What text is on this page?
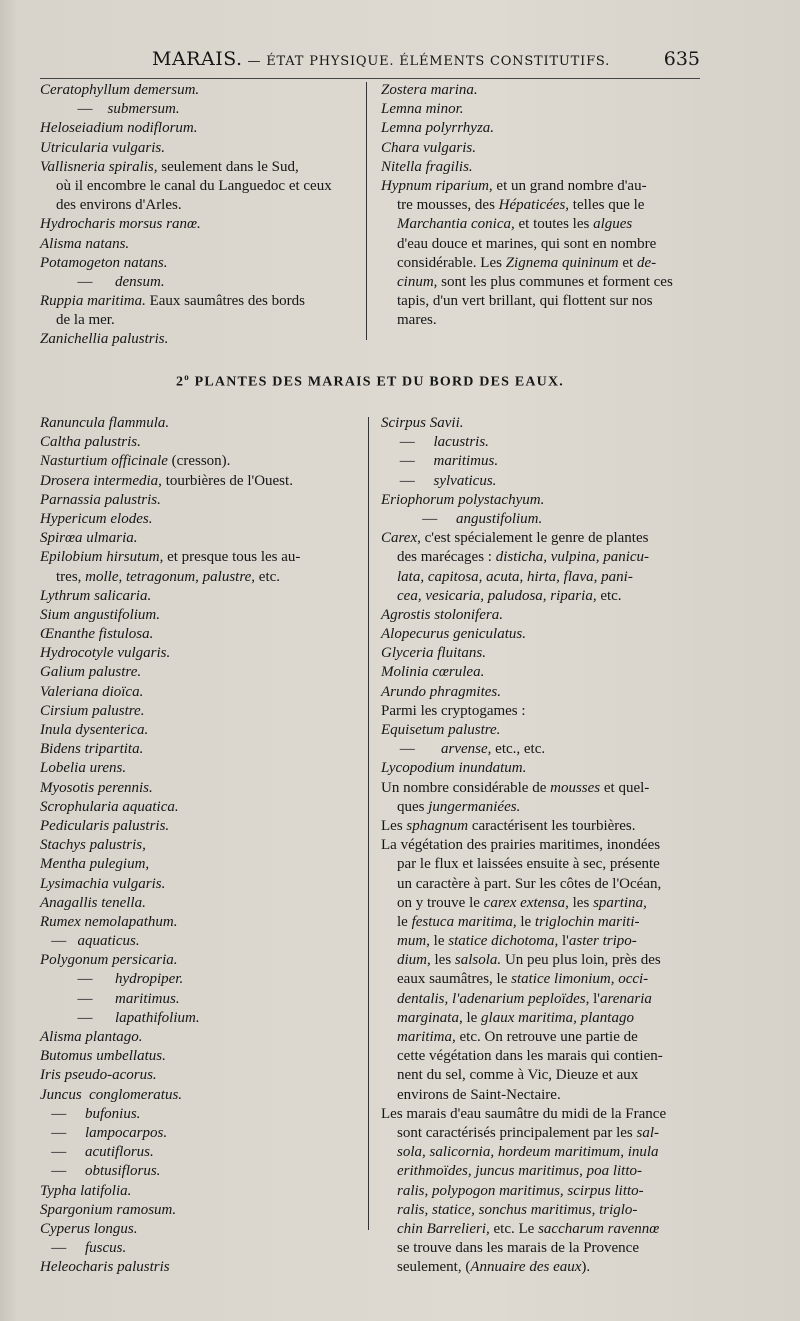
MARAIS. — ÉTAT PHYSIQUE. ÉLÉMENTS CONSTITUTIFS.	635
Ceratophyllum demersum.
—    submersum.
Heloseiadium nodiflorum.
Utricularia vulgaris.
Vallisneria spiralis, seulement dans le Sud,
où il encombre le canal du Languedoc et ceux
des environs d'Arles.
Hydrocharis morsus ranœ.
Alisma natans.
Potamogeton natans.
—      densum.
Ruppia maritima. Eaux saumâtres des bords
de la mer.
Zanichellia palustris.
Zostera marina.
Lemna minor.
Lemna polyrrhyza.
Chara vulgaris.
Nitella fragilis.
Hypnum riparium, et un grand nombre d'au-
tre mousses, des Hépaticées, telles que le
Marchantia conica, et toutes les algues
d'eau douce et marines, qui sont en nombre
considérable. Les Zignema quininum et de-
cinum, sont les plus communes et forment ces
tapis, d'un vert brillant, qui flottent sur nos
mares.
2$^o$ PLANTES DES MARAIS ET DU BORD DES EAUX.
Ranuncula flammula.
Caltha palustris.
Nasturtium officinale (cresson).
Drosera intermedia, tourbières de l'Ouest.
Parnassia palustris.
Hypericum elodes.
Spirœa ulmaria.
Epilobium hirsutum, et presque tous les au-
tres, molle, tetragonum, palustre, etc.
Lythrum salicaria.
Sium angustifolium.
Œnanthe fistulosa.
Hydrocotyle vulgaris.
Galium palustre.
Valeriana dioïca.
Cirsium palustre.
Inula dysenterica.
Bidens tripartita.
Lobelia urens.
Myosotis perennis.
Scrophularia aquatica.
Pedicularis palustris.
Stachys palustris,
Mentha pulegium,
Lysimachia vulgaris.
Anagallis tenella.
Rumex nemolapathum.
—   aquaticus.
Polygonum persicaria.
—      hydropiper.
—      maritimus.
—      lapathifolium.
Alisma plantago.
Butomus umbellatus.
Iris pseudo-acorus.
Juncus  conglomeratus.
—     bufonius.
—     lampocarpos.
—     acutiflorus.
—     obtusiflorus.
Typha latifolia.
Spargonium ramosum.
Cyperus longus.
—     fuscus.
Heleocharis palustris
Scirpus Savii.
—     lacustris.
—     maritimus.
—     sylvaticus.
Eriophorum polystachyum.
—     angustifolium.
Carex, c'est spécialement le genre de plantes
des marécages : disticha, vulpina, panicu-
lata, capitosa, acuta, hirta, flava, pani-
cea, vesicaria, paludosa, riparia, etc.
Agrostis stolonifera.
Alopecurus geniculatus.
Glyceria fluitans.
Molinia cœrulea.
Arundo phragmites.
Parmi les cryptogames :
Equisetum palustre.
—       arvense, etc., etc.
Lycopodium inundatum.
Un nombre considérable de mousses et quel-
ques jungermaniées.
Les sphagnum caractérisent les tourbières.
La végétation des prairies maritimes, inondées
par le flux et laissées ensuite à sec, présente
un caractère à part. Sur les côtes de l'Océan,
on y trouve le carex extensa, les spartina,
le festuca maritima, le triglochin mariti-
mum, le statice dichotoma, l'aster tripo-
dium, les salsola. Un peu plus loin, près des
eaux saumâtres, le statice limonium, occi-
dentalis, l'adenarium peploïdes, l'arenaria
marginata, le glaux maritima, plantago
maritima, etc. On retrouve une partie de
cette végétation dans les marais qui contien-
nent du sel, comme à Vic, Dieuze et aux
environs de Saint-Nectaire.
Les marais d'eau saumâtre du midi de la France
sont caractérisés principalement par les sal-
sola, salicornia, hordeum maritimum, inula
erithmoïdes, juncus maritimus, poa litto-
ralis, polypogon maritimus, scirpus litto-
ralis, statice, sonchus maritimus, triglo-
chin Barrelieri, etc. Le saccharum ravennœ
se trouve dans les marais de la Provence
seulement, (Annuaire des eaux).
